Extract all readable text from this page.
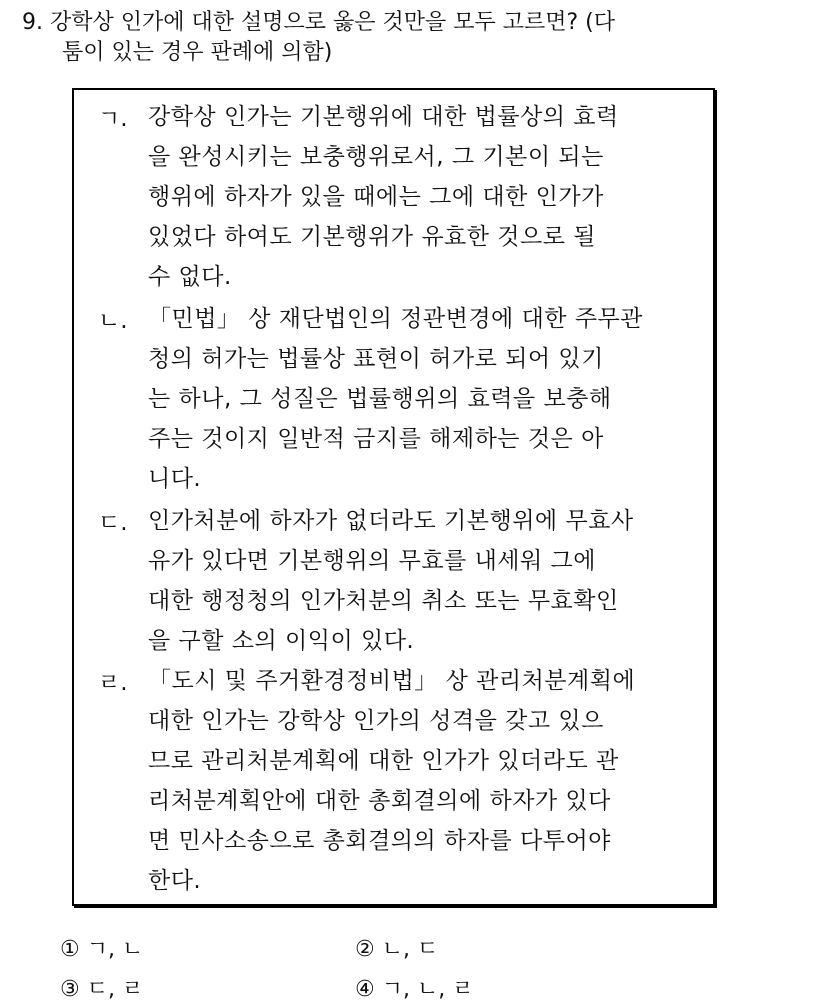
9. 강학상 인가에 대한 설명으로 옳은 것만을 모두 고르면? (다
툼이 있는 경우 판례에 의함)
ㄱ. 강학상 인가는 기본행위에 대한 법률상의 효력
을 완성시키는 보충행위로서, 그 기본이 되는
행위에 하자가 있을 때에는 그에 대한 인가가
있었다 하여도 기본행위가 유효한 것으로 될
수 없다.
ㄴ. 「민법」 상 재단법인의 정관변경에 대한 주무관
청의 허가는 법률상 표현이 허가로 되어 있기
는 하나, 그 성질은 법률행위의 효력을 보충해
주는 것이지 일반적 금지를 해제하는 것은 아
니다.
ㄷ. 인가처분에 하자가 없더라도 기본행위에 무효사
유가 있다면 기본행위의 무효를 내세워 그에
대한 행정청의 인가처분의 취소 또는 무효확인
을 구할 소의 이익이 있다.
ㄹ. 「도시 및 주거환경정비법」 상 관리처분계획에
대한 인가는 강학상 인가의 성격을 갖고 있으
므로 관리처분계획에 대한 인가가 있더라도 관
리처분계획안에 대한 총회결의에 하자가 있다
면 민사소송으로 총회결의의 하자를 다투어야
한다.
① ㄱ, ㄴ	② ㄴ, ㄷ
③ ㄷ, ㄹ	④ ㄱ, ㄴ, ㄹ
